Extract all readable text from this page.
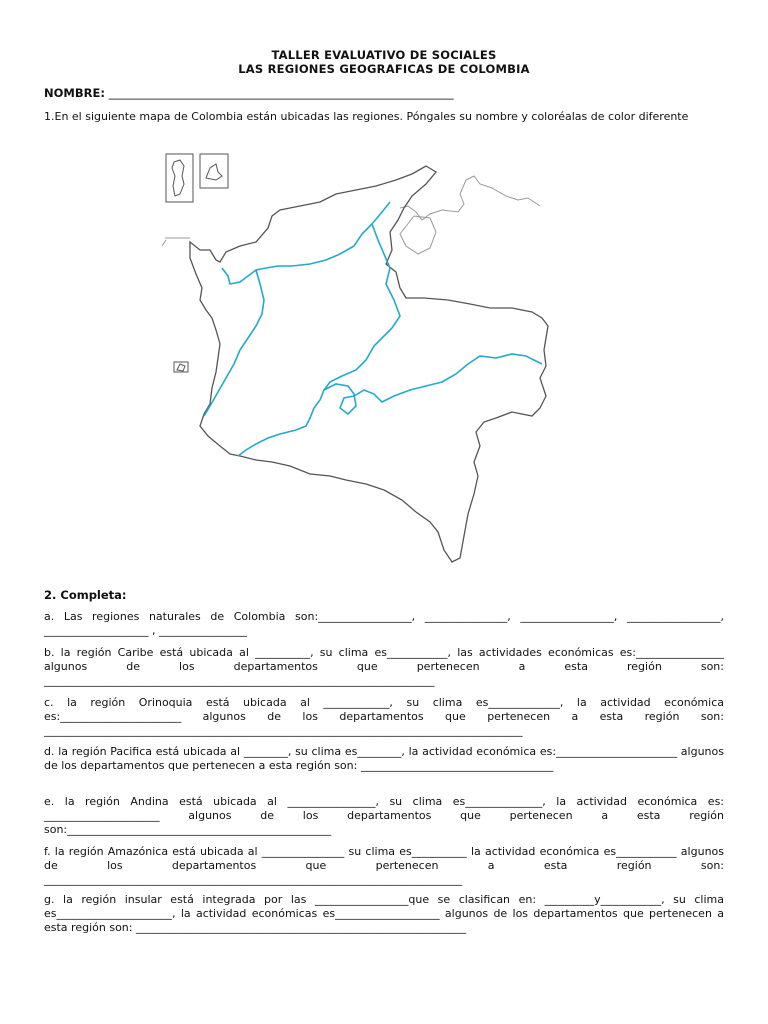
TALLER EVALUATIVO DE SOCIALES
LAS REGIONES GEOGRAFICAS DE COLOMBIA
NOMBRE: ____________________________________________________________
1.En el siguiente mapa de Colombia están ubicadas las regiones. Póngales su nombre y coloréalas de color diferente
2. Completa:
a. Las regiones naturales de Colombia son:_________________, _______________, _________________, _________________, ___________________ , ________________
b. la región Caribe está ubicada al __________, su clima es___________, las actividades económicas es:________________ algunos de los departamentos que pertenecen a esta región son: _______________________________________________________________________
c. la región Orinoquia está ubicada al ____________, su clima es_____________, la actividad económica es:______________________ algunos de los departamentos que pertenecen a esta región son: _______________________________________________________________________________________
d. la región Pacifica está ubicada al ________, su clima es________, la actividad económica es:______________________ algunos de los departamentos que pertenecen a esta región son: ___________________________________
e. la región Andina está ubicada al ________________, su clima es______________, la actividad económica es: _____________________ algunos de los departamentos que pertenecen a esta región son:________________________________________________
f. la región Amazónica está ubicada al _______________ su clima es__________ la actividad económica es___________ algunos de los departamentos que pertenecen a esta región son: ____________________________________________________________________________
g. la región insular está integrada por las _________________que se clasifican en: _________y___________, su clima es_____________________, la actividad económicas es___________________ algunos de los departamentos que pertenecen a esta región son: ____________________________________________________________
